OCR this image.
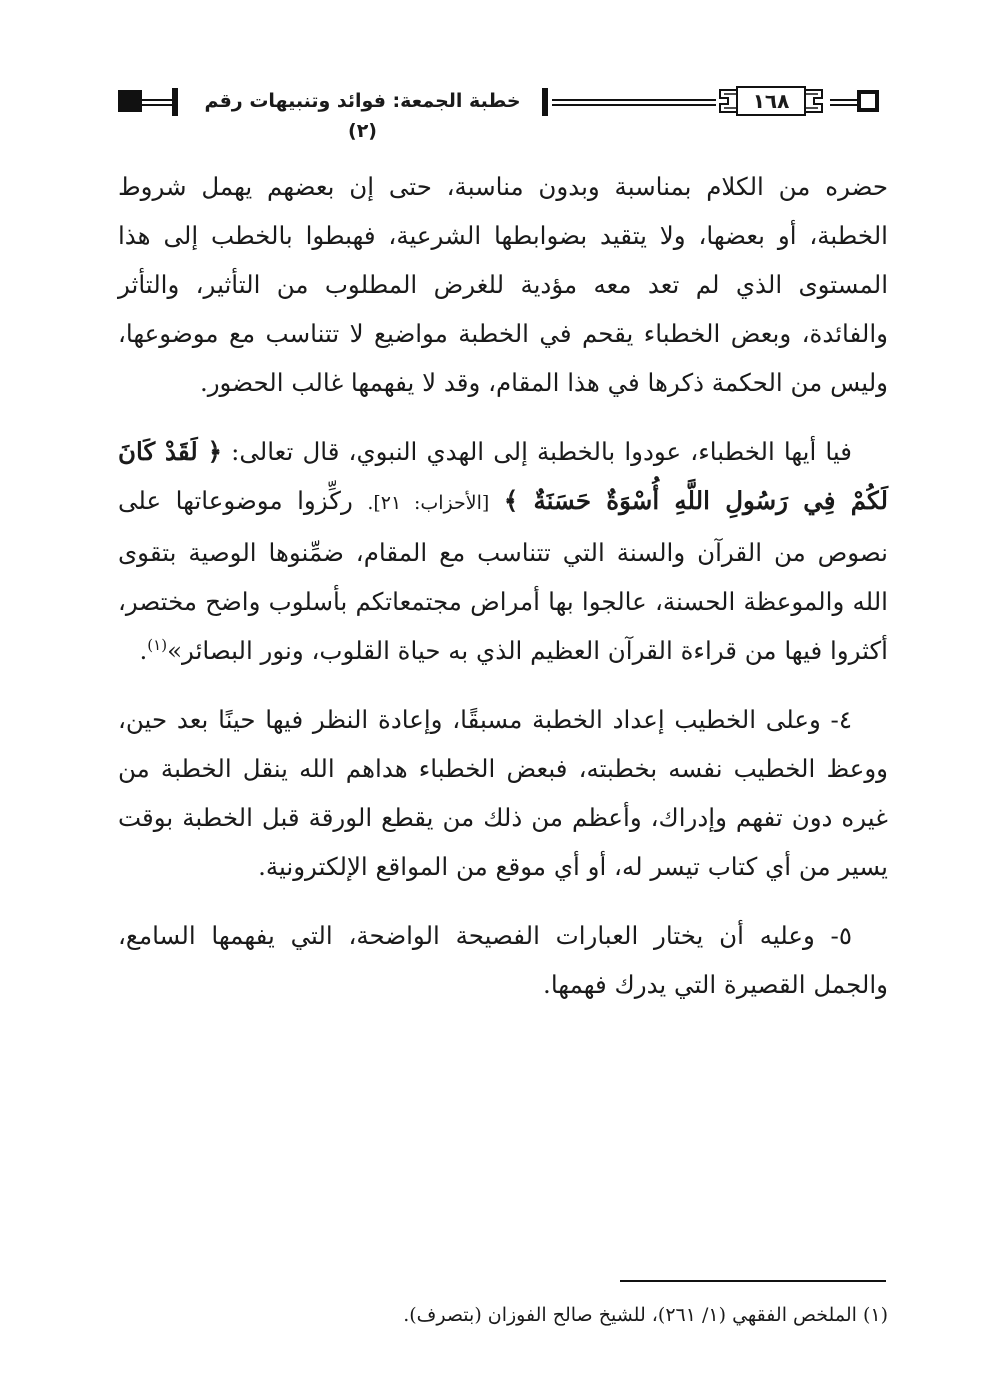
١٦٨
خطبة الجمعة: فوائد وتنبيهات رقم (٢)

حضره من الكلام بمناسبة وبدون مناسبة، حتى إن بعضهم يهمل شروط الخطبة، أو بعضها، ولا يتقيد بضوابطها الشرعية، فهبطوا بالخطب إلى هذا المستوى الذي لم تعد معه مؤدية للغرض المطلوب من التأثير، والتأثر والفائدة، وبعض الخطباء يقحم في الخطبة مواضيع لا تتناسب مع موضوعها، وليس من الحكمة ذكرها في هذا المقام، وقد لا يفهمها غالب الحضور.

فيا أيها الخطباء، عودوا بالخطبة إلى الهدي النبوي، قال تعالى: ﴿ لَقَدْ كَانَ لَكُمْ فِي رَسُولِ اللَّهِ أُسْوَةٌ حَسَنَةٌ ﴾ [الأحزاب: ٢١]. ركِّزوا موضوعاتها على نصوص من القرآن والسنة التي تتناسب مع المقام، ضمِّنوها الوصية بتقوى الله والموعظة الحسنة، عالجوا بها أمراض مجتمعاتكم بأسلوب واضح مختصر، أكثروا فيها من قراءة القرآن العظيم الذي به حياة القلوب، ونور البصائر»$^{(١)}$.

٤- وعلى الخطيب إعداد الخطبة مسبقًا، وإعادة النظر فيها حينًا بعد حين، ووعظ الخطيب نفسه بخطبته، فبعض الخطباء هداهم الله ينقل الخطبة من غيره دون تفهم وإدراك، وأعظم من ذلك من يقطع الورقة قبل الخطبة بوقت يسير من أي كتاب تيسر له، أو أي موقع من المواقع الإلكترونية.

٥- وعليه أن يختار العبارات الفصيحة الواضحة، التي يفهمها السامع، والجمل القصيرة التي يدرك فهمها.

(١) الملخص الفقهي (١/ ٢٦١)، للشيخ صالح الفوزان (بتصرف).
